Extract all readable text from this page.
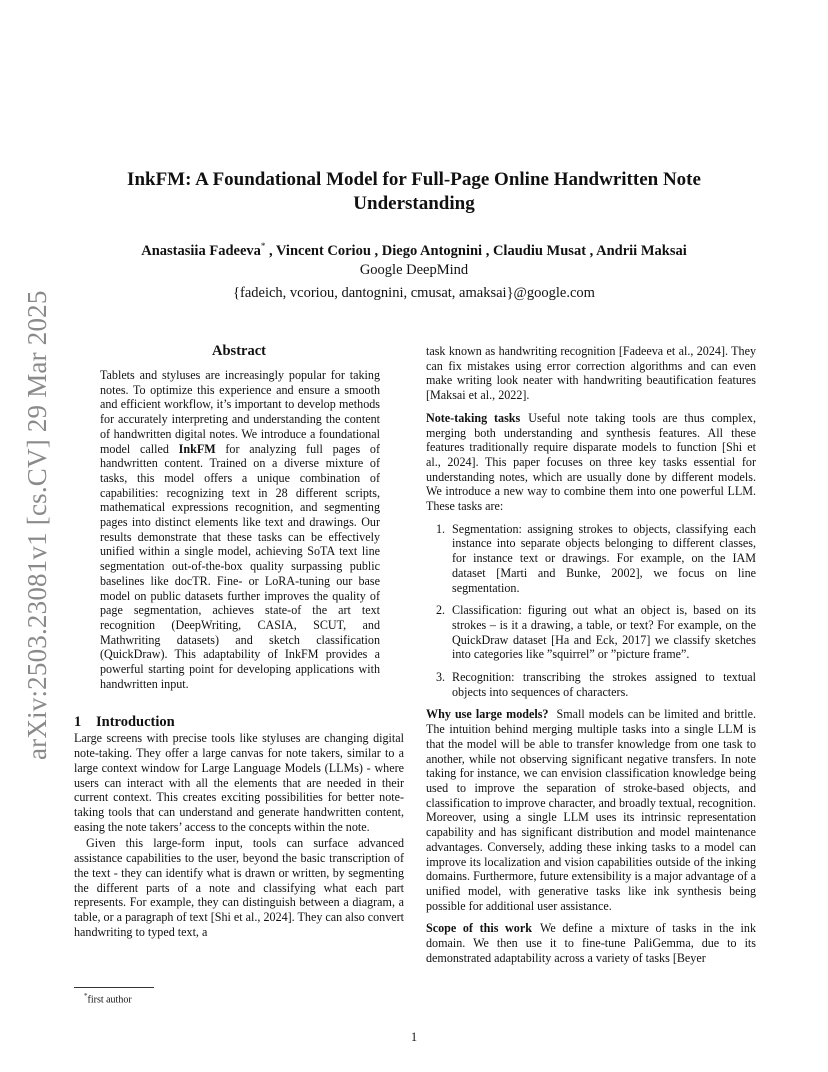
arXiv:2503.23081v1 [cs.CV] 29 Mar 2025
InkFM: A Foundational Model for Full-Page Online Handwritten Note Understanding
Anastasiia Fadeeva* , Vincent Coriou , Diego Antognini , Claudiu Musat , Andrii Maksai
Google DeepMind
{fadeich, vcoriou, dantognini, cmusat, amaksai}@google.com
Abstract

Tablets and styluses are increasingly popular for taking notes. To optimize this experience and ensure a smooth and efficient workflow, it’s important to develop methods for accurately interpreting and understanding the content of handwritten digital notes. We introduce a foundational model called InkFM for analyzing full pages of handwritten content. Trained on a diverse mixture of tasks, this model offers a unique combination of capabilities: recognizing text in 28 different scripts, mathematical expressions recognition, and segmenting pages into distinct elements like text and drawings. Our results demonstrate that these tasks can be effectively unified within a single model, achieving SoTA text line segmentation out-of-the-box quality surpassing public baselines like docTR. Fine- or LoRA-tuning our base model on public datasets further improves the quality of page segmentation, achieves state-of the art text recognition (DeepWriting, CASIA, SCUT, and Mathwriting datasets) and sketch classification (QuickDraw). This adaptability of InkFM provides a powerful starting point for developing applications with handwritten input.

1 Introduction

Large screens with precise tools like styluses are changing digital note-taking. They offer a large canvas for note takers, similar to a large context window for Large Language Models (LLMs) - where users can interact with all the elements that are needed in their current context. This creates exciting possibilities for better note-taking tools that can understand and generate handwritten content, easing the note takers’ access to the concepts within the note.

Given this large-form input, tools can surface advanced assistance capabilities to the user, beyond the basic transcription of the text - they can identify what is drawn or written, by segmenting the different parts of a note and classifying what each part represents. For example, they can distinguish between a diagram, a table, or a paragraph of text [Shi et al., 2024]. They can also convert handwriting to typed text, a

task known as handwriting recognition [Fadeeva et al., 2024]. They can fix mistakes using error correction algorithms and can even make writing look neater with handwriting beautification features [Maksai et al., 2022].

Note-taking tasks Useful note taking tools are thus complex, merging both understanding and synthesis features. All these features traditionally require disparate models to function [Shi et al., 2024]. This paper focuses on three key tasks essential for understanding notes, which are usually done by different models. We introduce a new way to combine them into one powerful LLM. These tasks are:

1. Segmentation: assigning strokes to objects, classifying each instance into separate objects belonging to different classes, for instance text or drawings. For example, on the IAM dataset [Marti and Bunke, 2002], we focus on line segmentation.
2. Classification: figuring out what an object is, based on its strokes – is it a drawing, a table, or text? For example, on the QuickDraw dataset [Ha and Eck, 2017] we classify sketches into categories like ”squirrel” or ”picture frame”.
3. Recognition: transcribing the strokes assigned to textual objects into sequences of characters.

Why use large models? Small models can be limited and brittle. The intuition behind merging multiple tasks into a single LLM is that the model will be able to transfer knowledge from one task to another, while not observing significant negative transfers. In note taking for instance, we can envision classification knowledge being used to improve the separation of stroke-based objects, and classification to improve character, and broadly textual, recognition. Moreover, using a single LLM uses its intrinsic representation capability and has significant distribution and model maintenance advantages. Conversely, adding these inking tasks to a model can improve its localization and vision capabilities outside of the inking domains. Furthermore, future extensibility is a major advantage of a unified model, with generative tasks like ink synthesis being possible for additional user assistance.

Scope of this work We define a mixture of tasks in the ink domain. We then use it to fine-tune PaliGemma, due to its demonstrated adaptability across a variety of tasks [Beyer

*first author
1
